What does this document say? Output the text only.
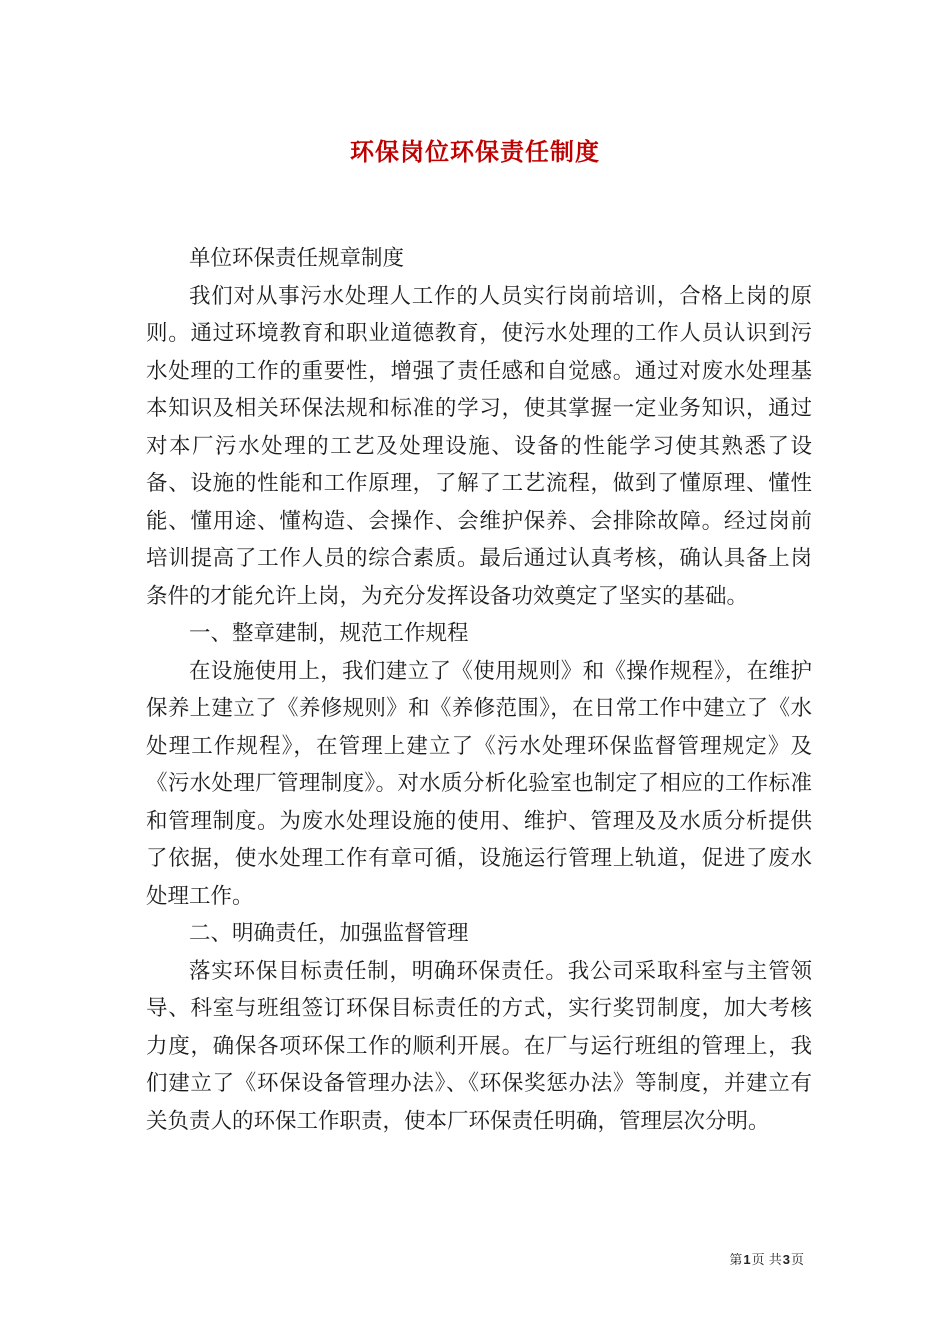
环保岗位环保责任制度

单位环保责任规章制度

我们对从事污水处理人工作的人员实行岗前培训，合格上岗的原则。通过环境教育和职业道德教育，使污水处理的工作人员认识到污水处理的工作的重要性，增强了责任感和自觉感。通过对废水处理基本知识及相关环保法规和标准的学习，使其掌握一定业务知识，通过对本厂污水处理的工艺及处理设施、设备的性能学习使其熟悉了设备、设施的性能和工作原理，了解了工艺流程，做到了懂原理、懂性能、懂用途、懂构造、会操作、会维护保养、会排除故障。经过岗前培训提高了工作人员的综合素质。最后通过认真考核，确认具备上岗条件的才能允许上岗，为充分发挥设备功效奠定了坚实的基础。

一、整章建制，规范工作规程

在设施使用上，我们建立了《使用规则》和《操作规程》，在维护保养上建立了《养修规则》和《养修范围》，在日常工作中建立了《水处理工作规程》，在管理上建立了《污水处理环保监督管理规定》及《污水处理厂管理制度》。对水质分析化验室也制定了相应的工作标准和管理制度。为废水处理设施的使用、维护、管理及及水质分析提供了依据，使水处理工作有章可循，设施运行管理上轨道，促进了废水处理工作。

二、明确责任，加强监督管理

落实环保目标责任制，明确环保责任。我公司采取科室与主管领导、科室与班组签订环保目标责任的方式，实行奖罚制度，加大考核力度，确保各项环保工作的顺利开展。在厂与运行班组的管理上，我们建立了《环保设备管理办法》、《环保奖惩办法》等制度，并建立有关负责人的环保工作职责，使本厂环保责任明确，管理层次分明。

第1页 共3页
